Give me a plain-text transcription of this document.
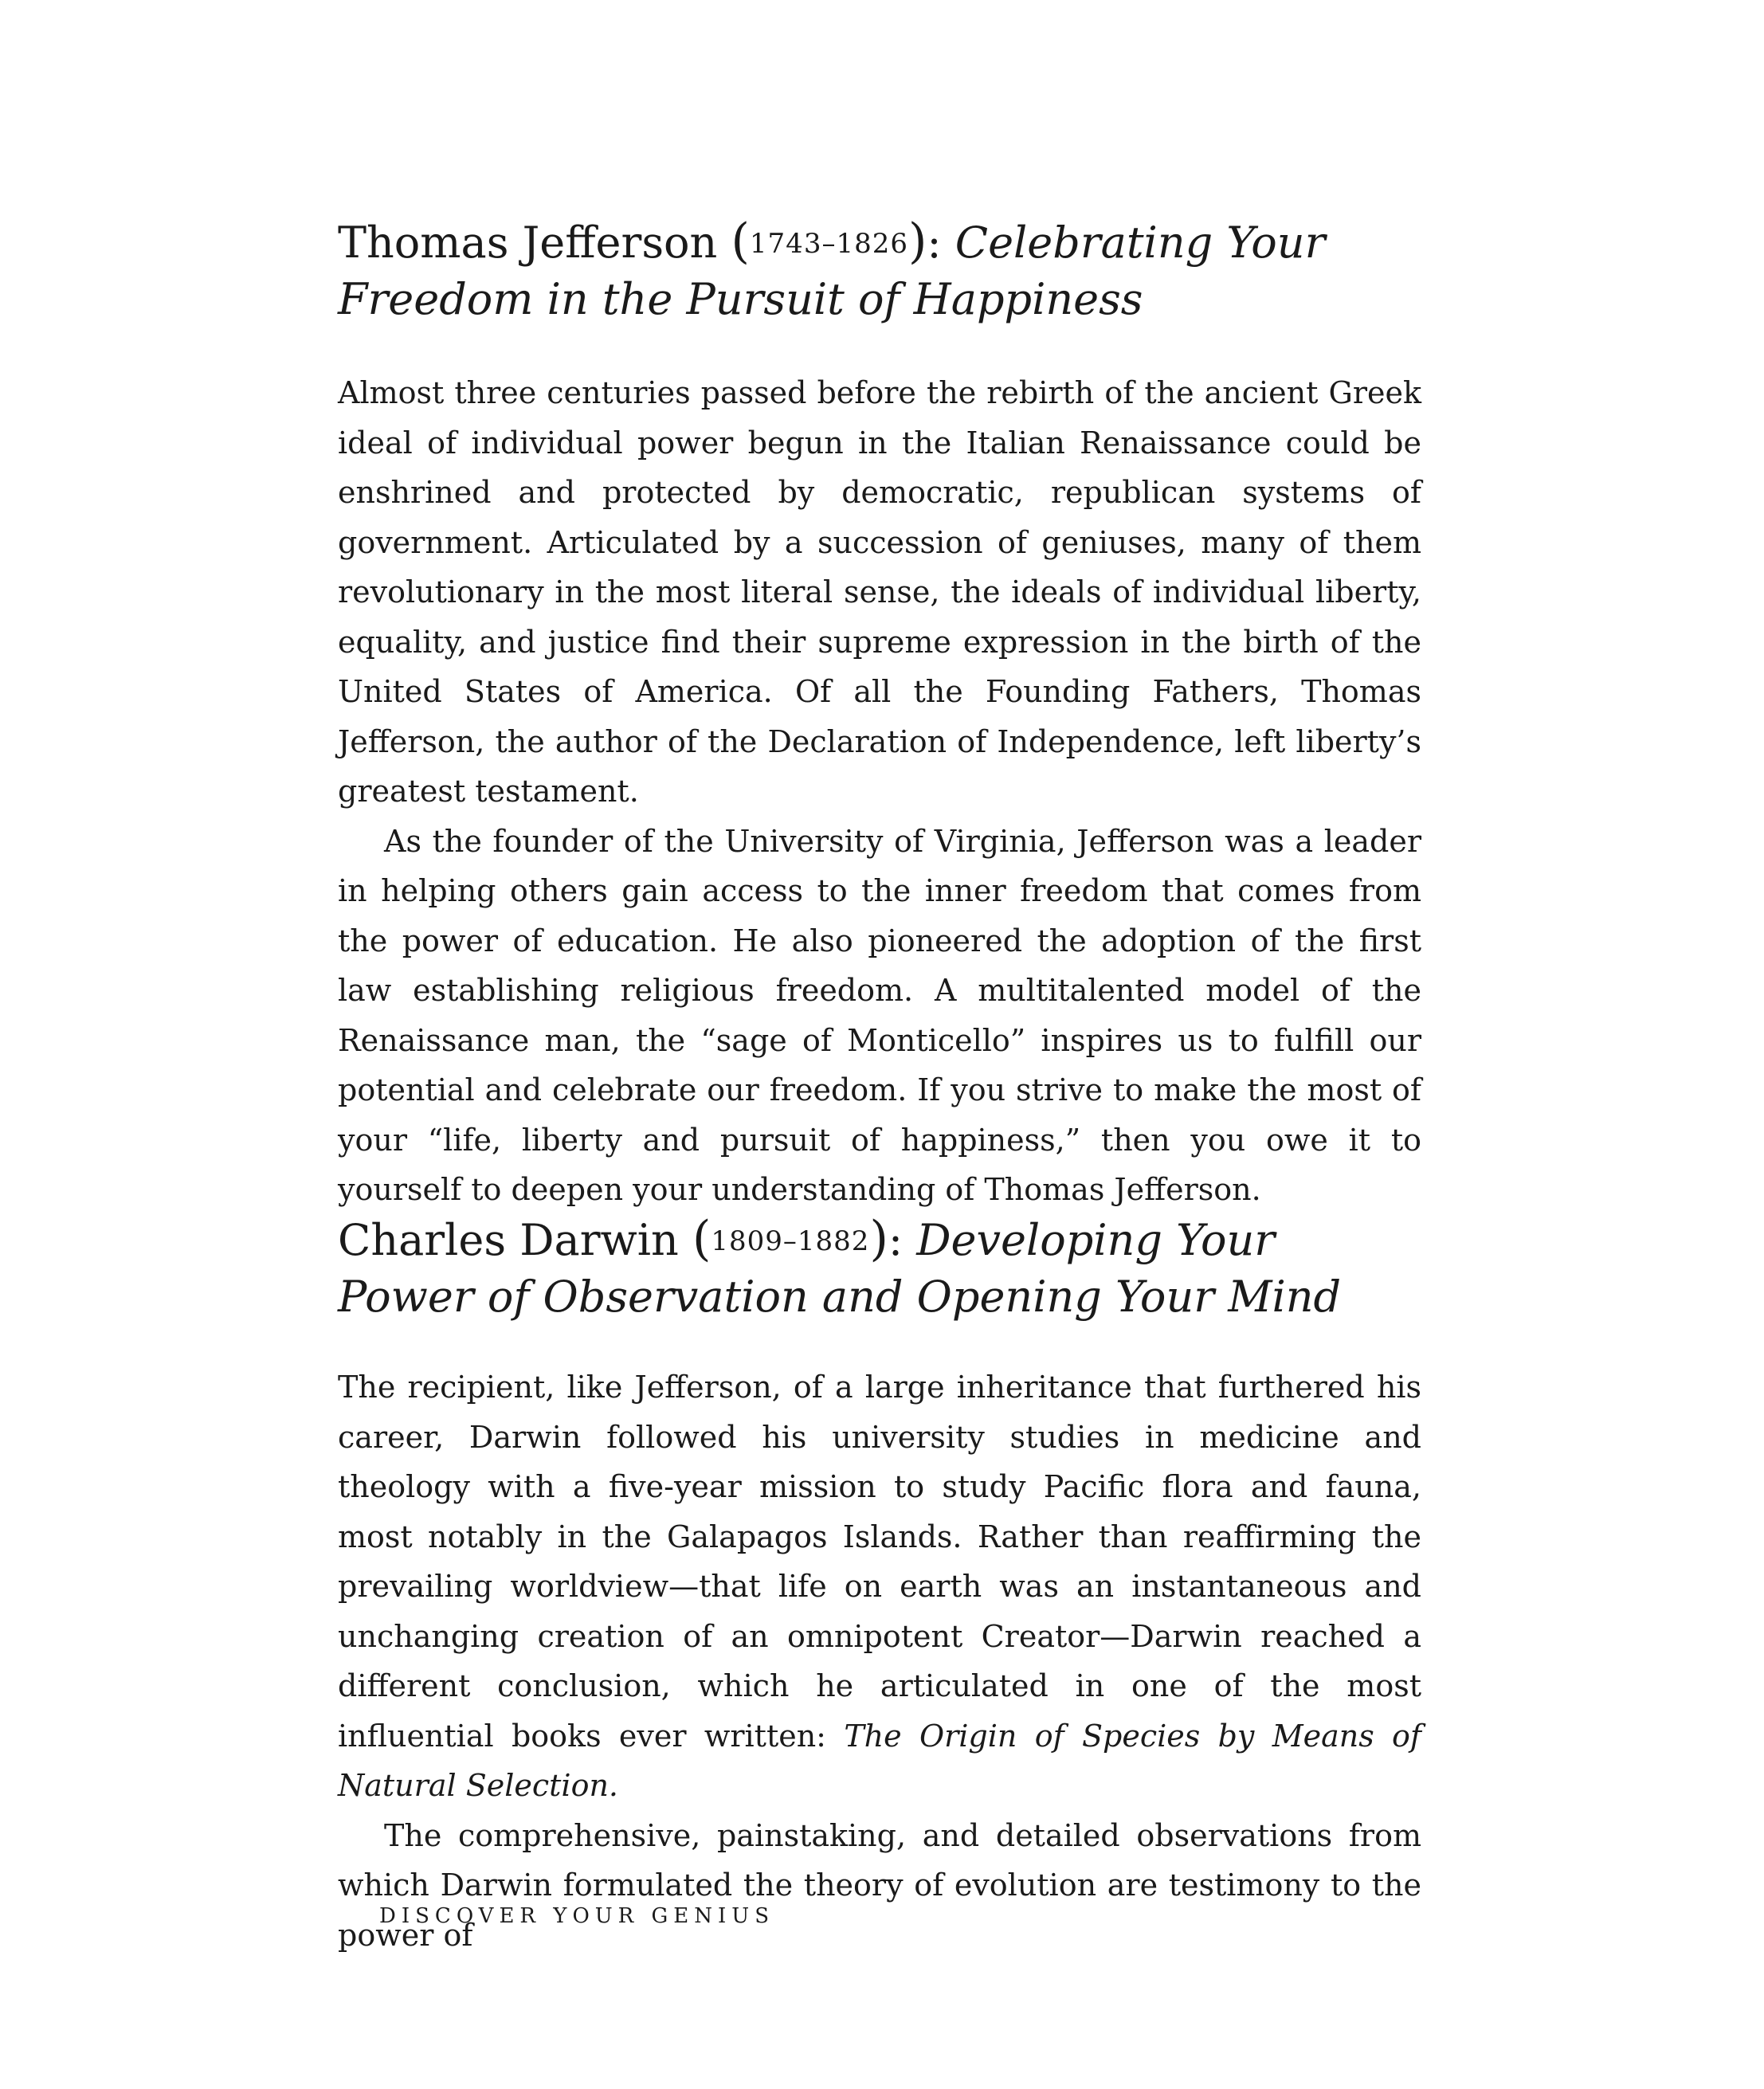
Thomas Jefferson (1743–1826): Celebrating Your Freedom in the Pursuit of Happiness

Almost three centuries passed before the rebirth of the ancient Greek ideal of individual power begun in the Italian Renaissance could be enshrined and protected by democratic, republican systems of government. Articulated by a succession of geniuses, many of them revolutionary in the most literal sense, the ideals of individual liberty, equality, and justice find their supreme expression in the birth of the United States of America. Of all the Founding Fathers, Thomas Jefferson, the author of the Declaration of Independence, left liberty’s greatest testament.

As the founder of the University of Virginia, Jefferson was a leader in helping others gain access to the inner freedom that comes from the power of education. He also pioneered the adoption of the first law establishing religious freedom. A multitalented model of the Renaissance man, the “sage of Monticello” inspires us to fulfill our potential and celebrate our freedom. If you strive to make the most of your “life, liberty and pursuit of happiness,” then you owe it to yourself to deepen your understanding of Thomas Jefferson.

Charles Darwin (1809–1882): Developing Your Power of Observation and Opening Your Mind

The recipient, like Jefferson, of a large inheritance that furthered his career, Darwin followed his university studies in medicine and theology with a five-year mission to study Pacific flora and fauna, most notably in the Galapagos Islands. Rather than reaffirming the prevailing worldview—that life on earth was an instantaneous and unchanging creation of an omnipotent Creator—Darwin reached a different conclusion, which he articulated in one of the most influential books ever written: The Origin of Species by Means of Natural Selection.

The comprehensive, painstaking, and detailed observations from which Darwin formulated the theory of evolution are testimony to the power of

DISCOVER YOUR GENIUS
